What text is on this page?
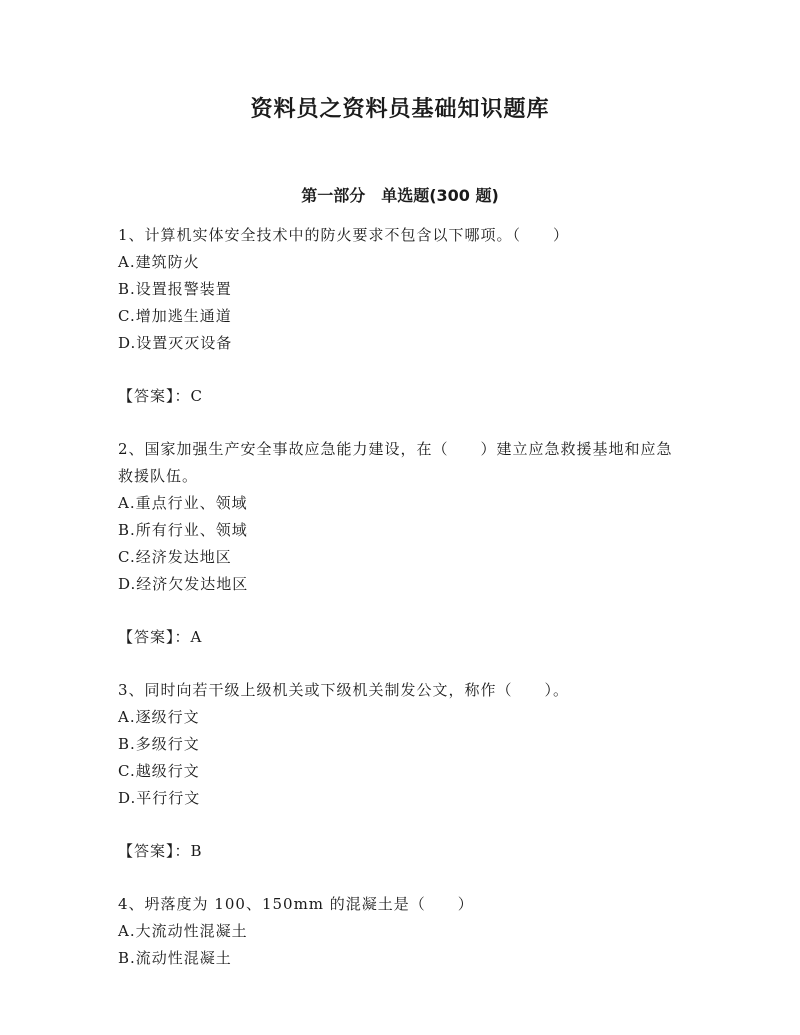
资料员之资料员基础知识题库
第一部分　单选题(300 题)

1、计算机实体安全技术中的防火要求不包含以下哪项。（　　）

A.建筑防火

B.设置报警装置

C.增加逃生通道

D.设置灭灭设备

【答案】：C

2、国家加强生产安全事故应急能力建设，在（　　）建立应急救援基地和应急救援队伍。

A.重点行业、领域

B.所有行业、领域

C.经济发达地区

D.经济欠发达地区

【答案】：A

3、同时向若干级上级机关或下级机关制发公文，称作（　　）。

A.逐级行文

B.多级行文

C.越级行文

D.平行行文

【答案】：B

4、坍落度为 100、150mm 的混凝土是（　　）

A.大流动性混凝土

B.流动性混凝土
